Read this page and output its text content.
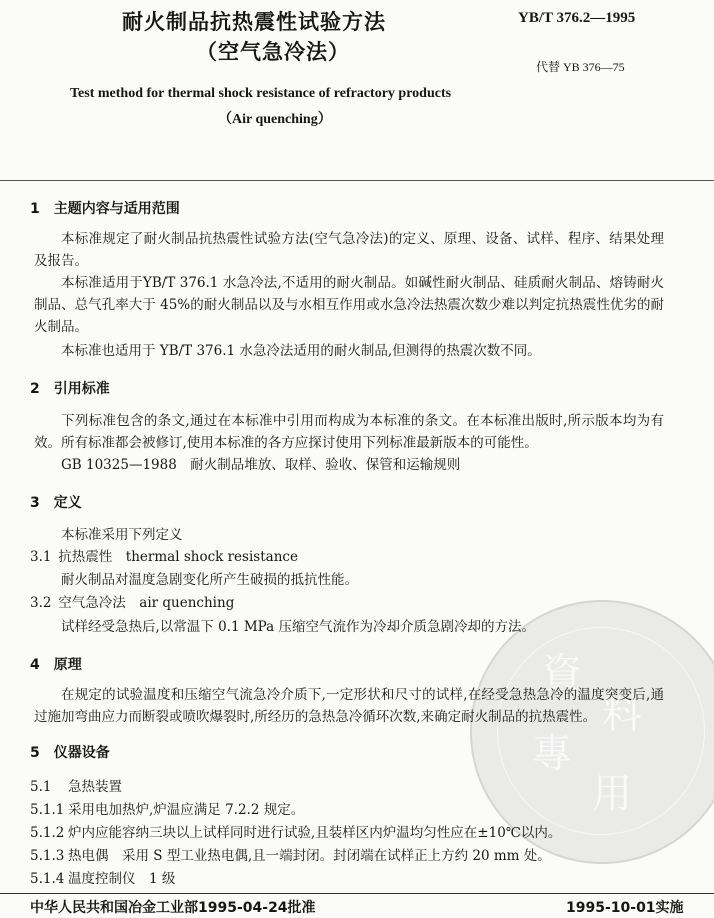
耐火制品抗热震性试验方法
（空气急冷法）
YB/T 376.2—1995
代替 YB 376—75
Test method for thermal shock resistance of refractory products
（Air quenching）
資
料
專
用
1　主题内容与适用范围
本标准规定了耐火制品抗热震性试验方法(空气急冷法)的定义、原理、设备、试样、程序、结果处理及报告。
本标准适用于YB/T 376.1 水急冷法,不适用的耐火制品。如碱性耐火制品、硅质耐火制品、熔铸耐火制品、总气孔率大于 45%的耐火制品以及与水相互作用或水急冷法热震次数少难以判定抗热震性优劣的耐火制品。
本标准也适用于 YB/T 376.1 水急冷法适用的耐火制品,但测得的热震次数不同。
2　引用标准
下列标准包含的条文,通过在本标准中引用而构成为本标准的条文。在本标准出版时,所示版本均为有效。所有标准都会被修订,使用本标准的各方应探讨使用下列标准最新版本的可能性。
GB 10325—1988　耐火制品堆放、取样、验收、保管和运输规则
3　定义
本标准采用下列定义
3.1 抗热震性　thermal shock resistance
耐火制品对温度急剧变化所产生破损的抵抗性能。
3.2 空气急冷法　air quenching
试样经受急热后,以常温下 0.1 MPa 压缩空气流作为冷却介质急剧冷却的方法。
4　原理
在规定的试验温度和压缩空气流急冷介质下,一定形状和尺寸的试样,在经受急热急冷的温度突变后,通过施加弯曲应力而断裂或喷吹爆裂时,所经历的急热急冷循环次数,来确定耐火制品的抗热震性。
5　仪器设备
5.1 急热装置
5.1.1 采用电加热炉,炉温应满足 7.2.2 规定。
5.1.2 炉内应能容纳三块以上试样同时进行试验,且装样区内炉温均匀性应在±10℃以内。
5.1.3 热电偶　采用 S 型工业热电偶,且一端封闭。封闭端在试样正上方约 20 mm 处。
5.1.4 温度控制仪　1 级
中华人民共和国冶金工业部1995-04-24批准	1995-10-01实施
